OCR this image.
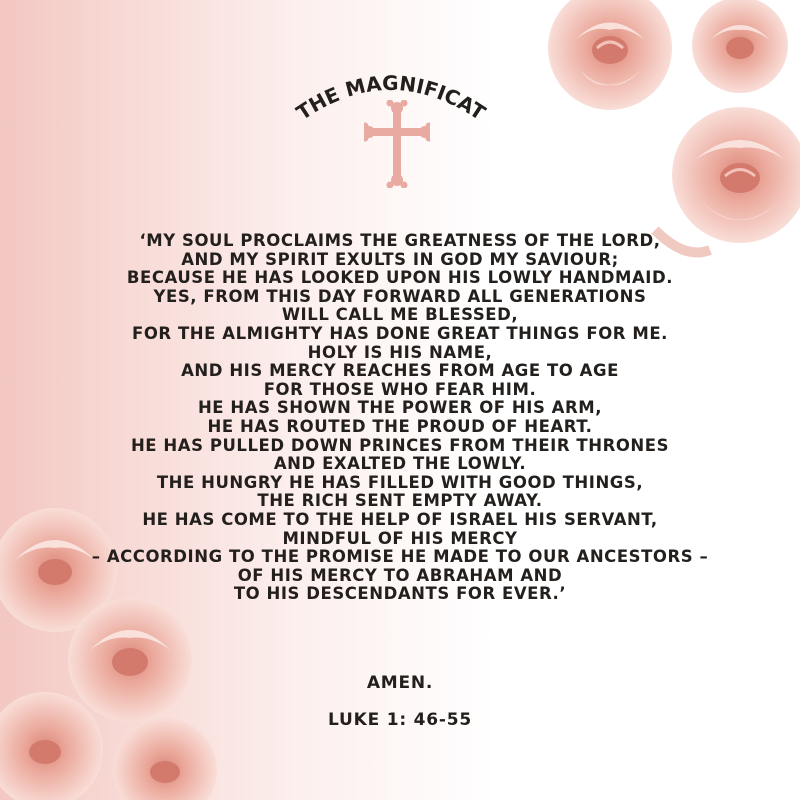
THE MAGNIFICAT
‘MY SOUL PROCLAIMS THE GREATNESS OF THE LORD,
AND MY SPIRIT EXULTS IN GOD MY SAVIOUR;
BECAUSE HE HAS LOOKED UPON HIS LOWLY HANDMAID.
YES, FROM THIS DAY FORWARD ALL GENERATIONS
WILL CALL ME BLESSED,
FOR THE ALMIGHTY HAS DONE GREAT THINGS FOR ME.
HOLY IS HIS NAME,
AND HIS MERCY REACHES FROM AGE TO AGE
FOR THOSE WHO FEAR HIM.
HE HAS SHOWN THE POWER OF HIS ARM,
HE HAS ROUTED THE PROUD OF HEART.
HE HAS PULLED DOWN PRINCES FROM THEIR THRONES
AND EXALTED THE LOWLY.
THE HUNGRY HE HAS FILLED WITH GOOD THINGS,
THE RICH SENT EMPTY AWAY.
HE HAS COME TO THE HELP OF ISRAEL HIS SERVANT,
MINDFUL OF HIS MERCY
– ACCORDING TO THE PROMISE HE MADE TO OUR ANCESTORS –
OF HIS MERCY TO ABRAHAM AND
TO HIS DESCENDANTS FOR EVER.’
AMEN.
LUKE 1: 46-55
